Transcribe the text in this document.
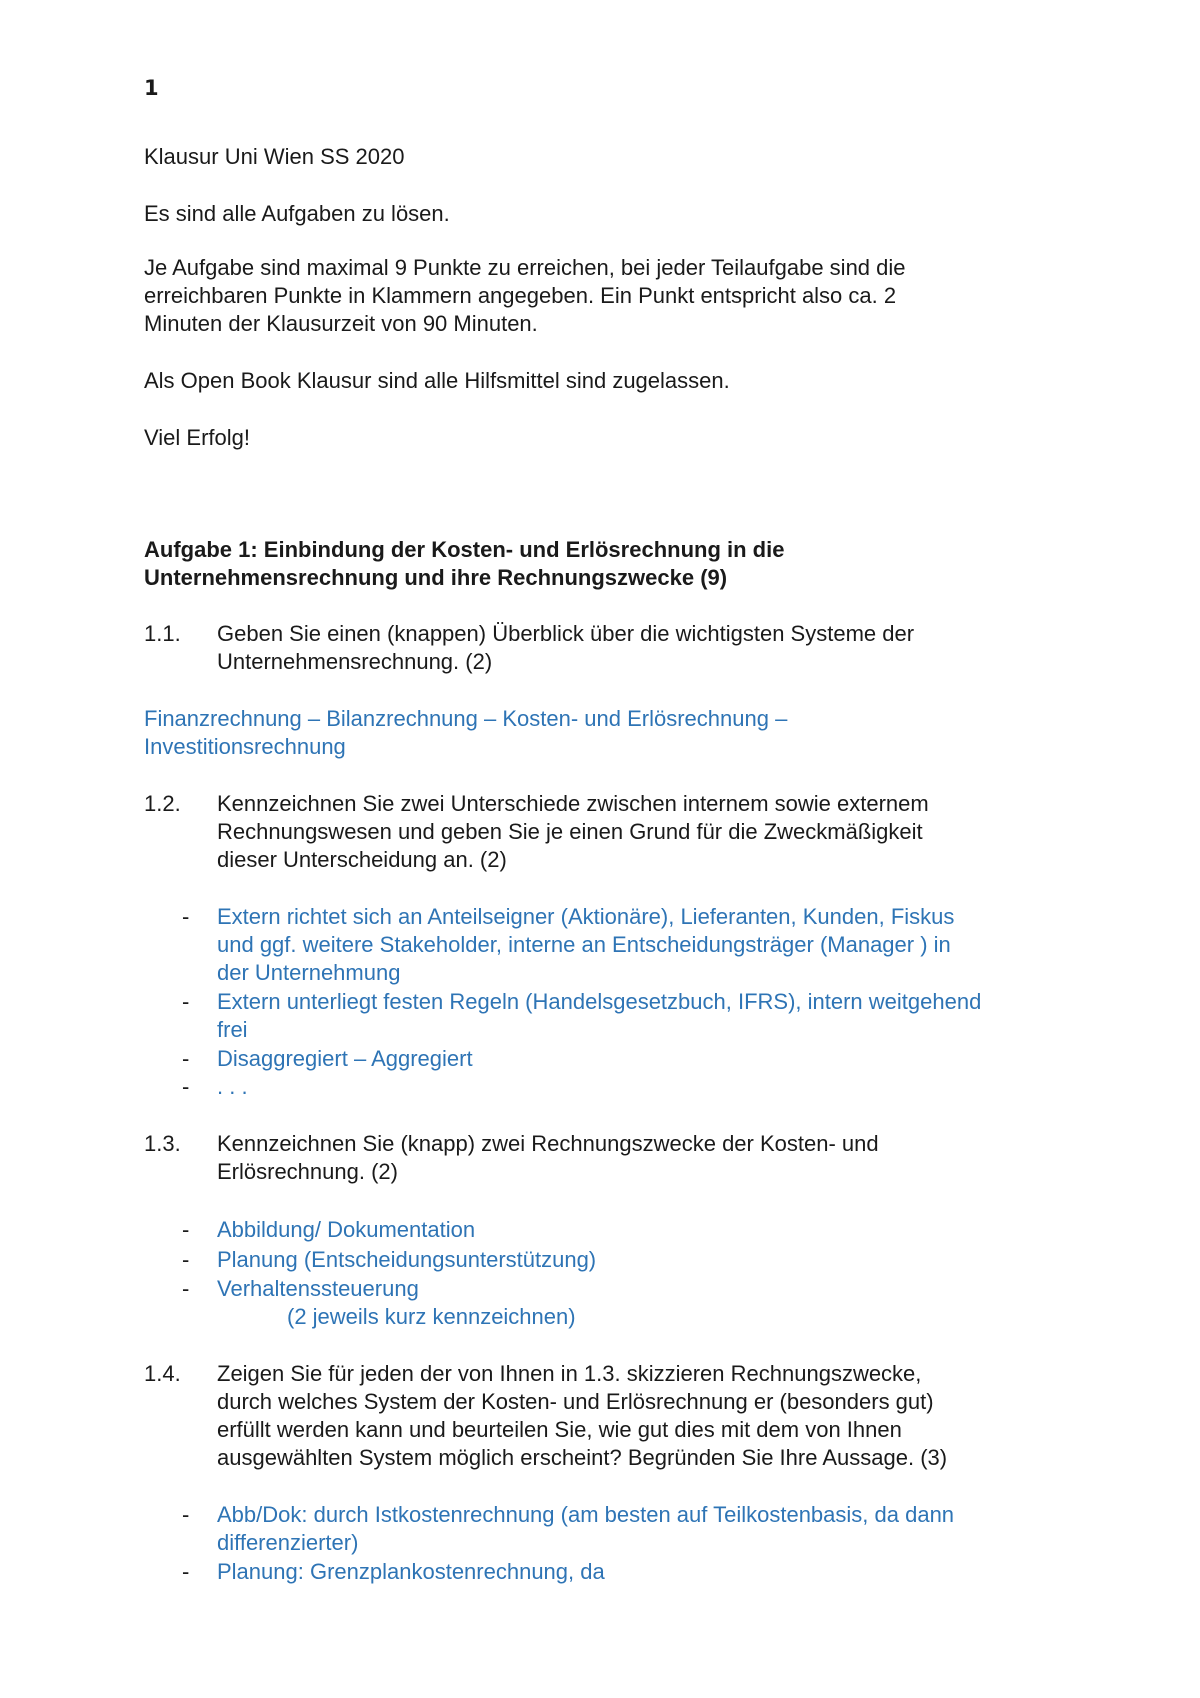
1
Klausur Uni Wien SS 2020
Es sind alle Aufgaben zu lösen.
Je Aufgabe sind maximal 9 Punkte zu erreichen, bei jeder Teilaufgabe sind die
erreichbaren Punkte in Klammern angegeben. Ein Punkt entspricht also ca. 2
Minuten der Klausurzeit von 90 Minuten.
Als Open Book Klausur sind alle Hilfsmittel sind zugelassen.
Viel Erfolg!
Aufgabe 1: Einbindung der Kosten- und Erlösrechnung in die
Unternehmensrechnung und ihre Rechnungszwecke (9)
1.1. Geben Sie einen (knappen) Überblick über die wichtigsten Systeme der
Unternehmensrechnung. (2)
Finanzrechnung – Bilanzrechnung – Kosten- und Erlösrechnung –
Investitionsrechnung
1.2. Kennzeichnen Sie zwei Unterschiede zwischen internem sowie externem
Rechnungswesen und geben Sie je einen Grund für die Zweckmäßigkeit
dieser Unterscheidung an. (2)
- Extern richtet sich an Anteilseigner (Aktionäre), Lieferanten, Kunden, Fiskus
und ggf. weitere Stakeholder, interne an Entscheidungsträger (Manager ) in
der Unternehmung
- Extern unterliegt festen Regeln (Handelsgesetzbuch, IFRS), intern weitgehend
frei
- Disaggregiert – Aggregiert
- . . .
1.3. Kennzeichnen Sie (knapp) zwei Rechnungszwecke der Kosten- und
Erlösrechnung. (2)
- Abbildung/ Dokumentation
- Planung (Entscheidungsunterstützung)
- Verhaltenssteuerung
(2 jeweils kurz kennzeichnen)
1.4. Zeigen Sie für jeden der von Ihnen in 1.3. skizzieren Rechnungszwecke,
durch welches System der Kosten- und Erlösrechnung er (besonders gut)
erfüllt werden kann und beurteilen Sie, wie gut dies mit dem von Ihnen
ausgewählten System möglich erscheint? Begründen Sie Ihre Aussage. (3)
- Abb/Dok: durch Istkostenrechnung (am besten auf Teilkostenbasis, da dann
differenzierter)
- Planung: Grenzplankostenrechnung, da
